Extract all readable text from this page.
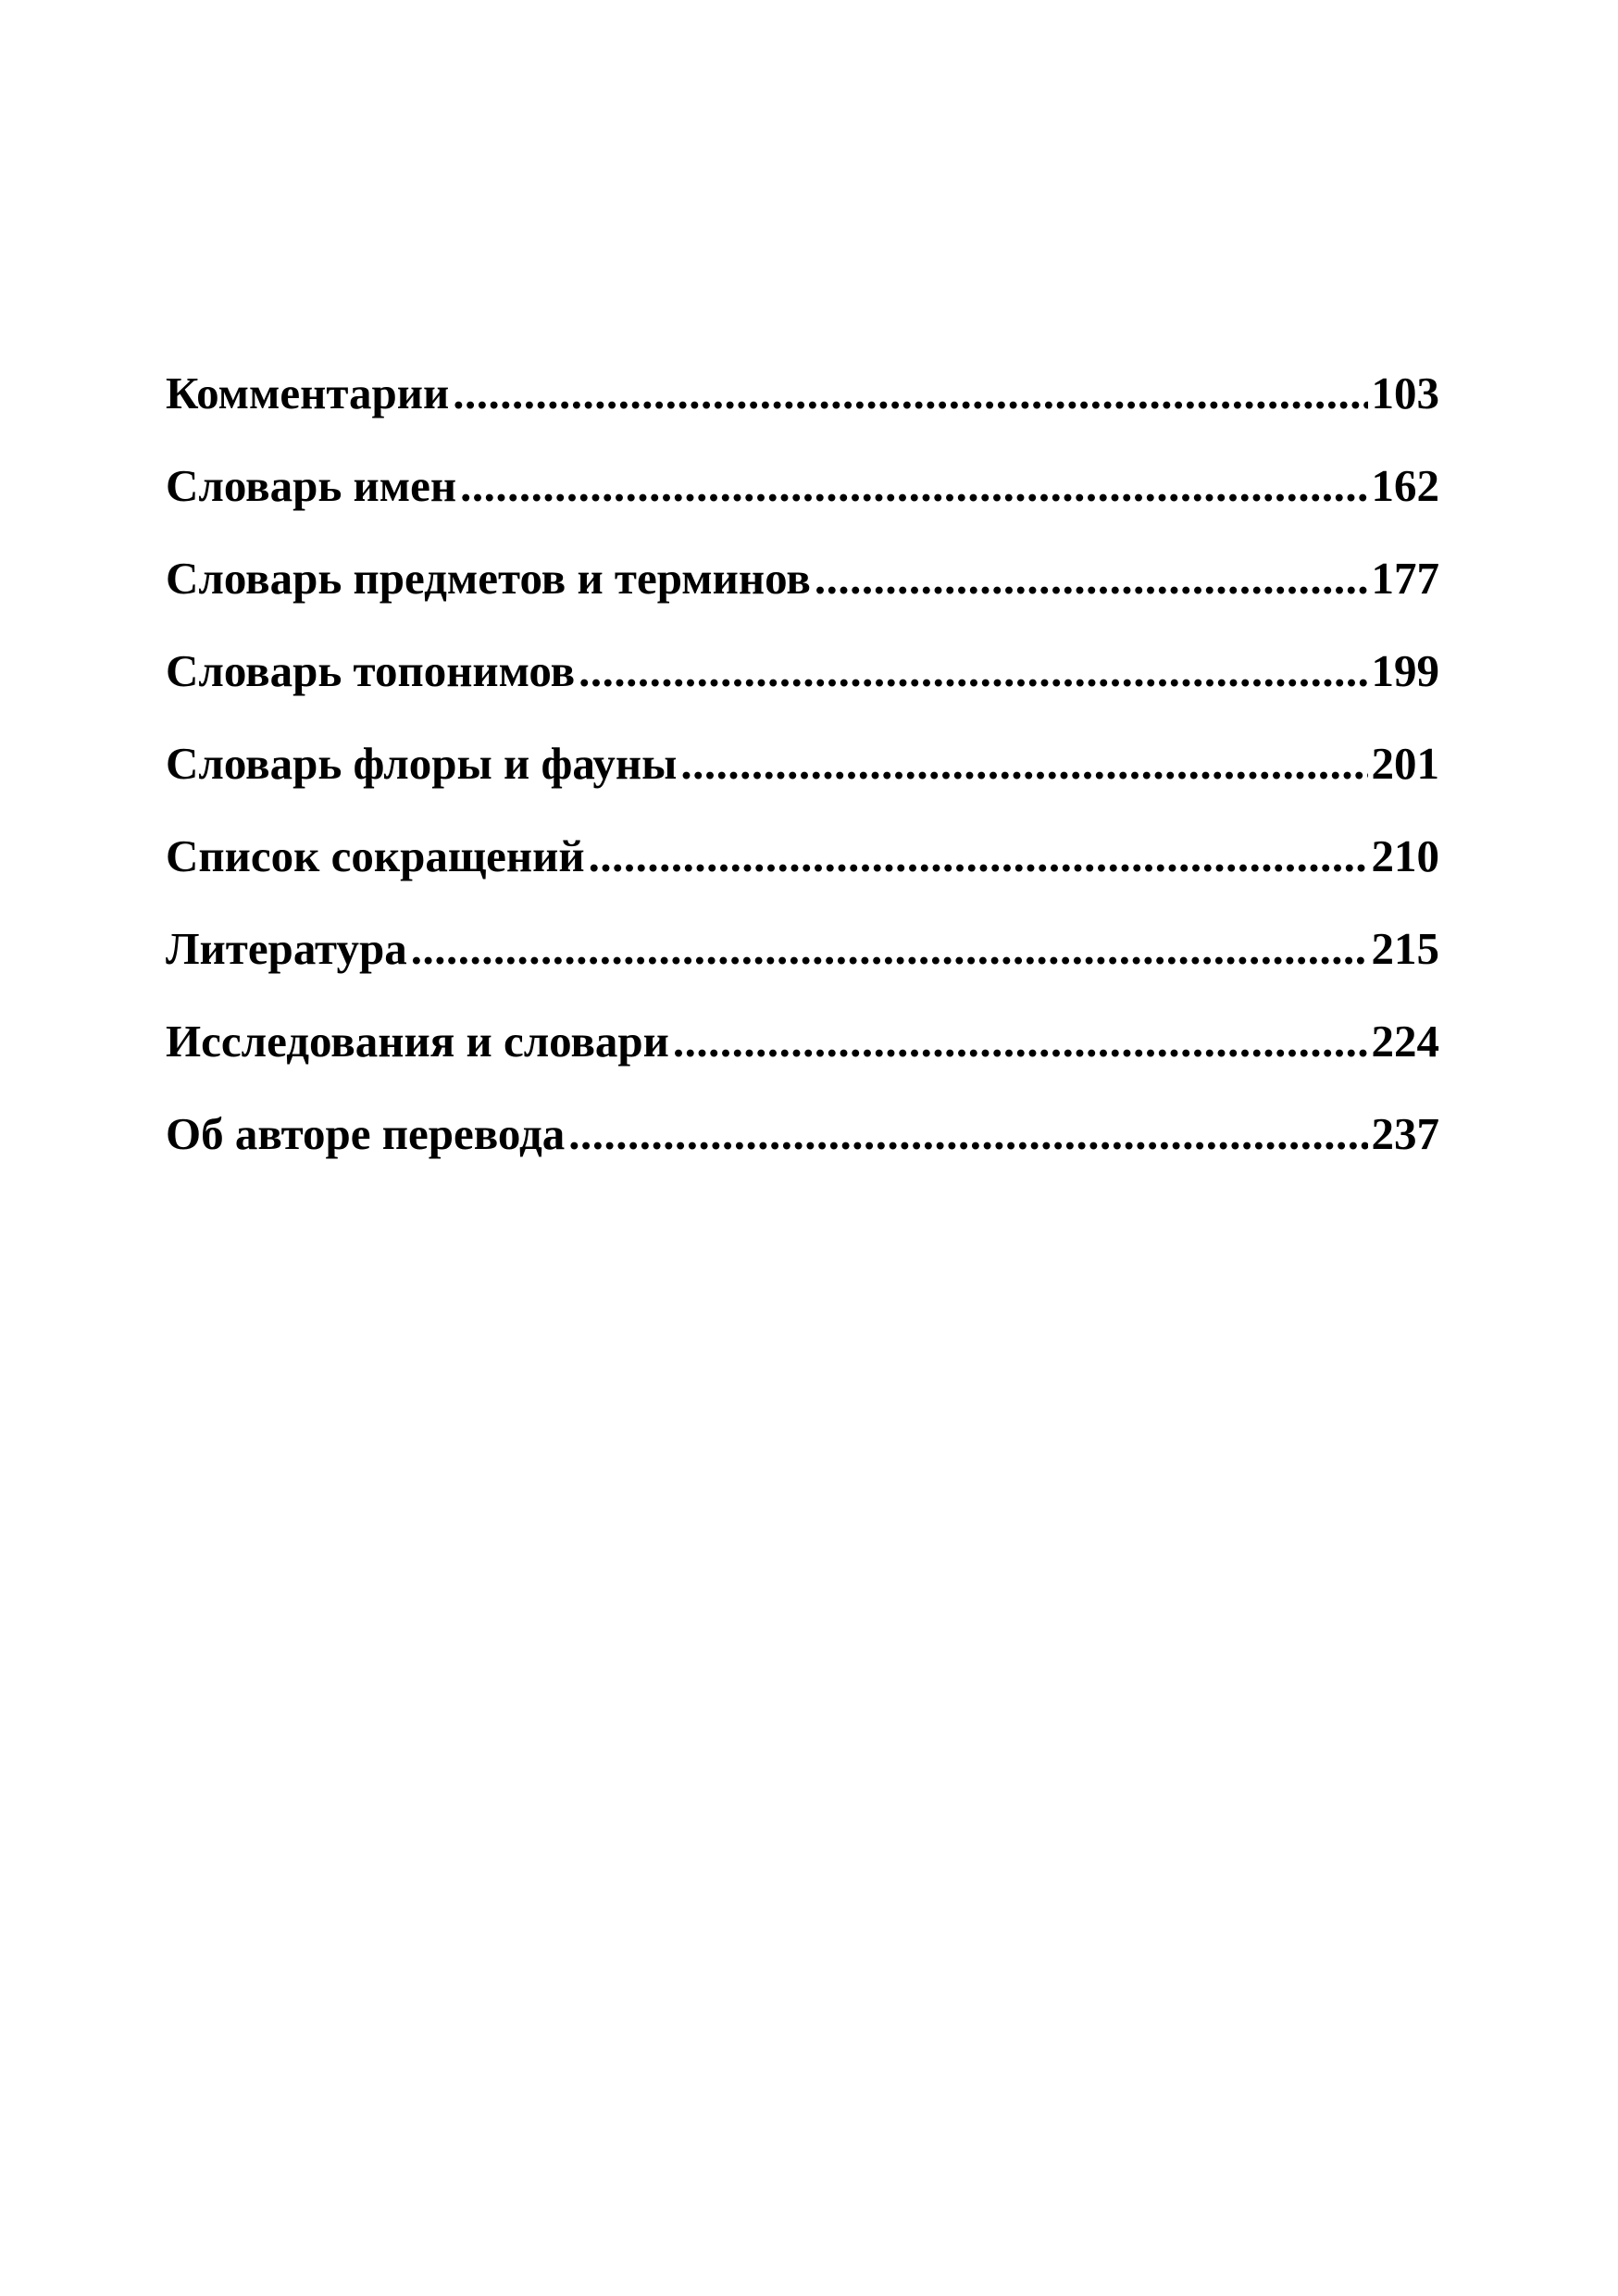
Комментарии .....	103
Словарь имен .....	162
Словарь предметов и терминов .....	177
Словарь топонимов .....	199
Словарь флоры и фауны .....	201
Список сокращений .....	210
Литература .....	215
Исследования и словари .....	224
Об авторе перевода .....	237
